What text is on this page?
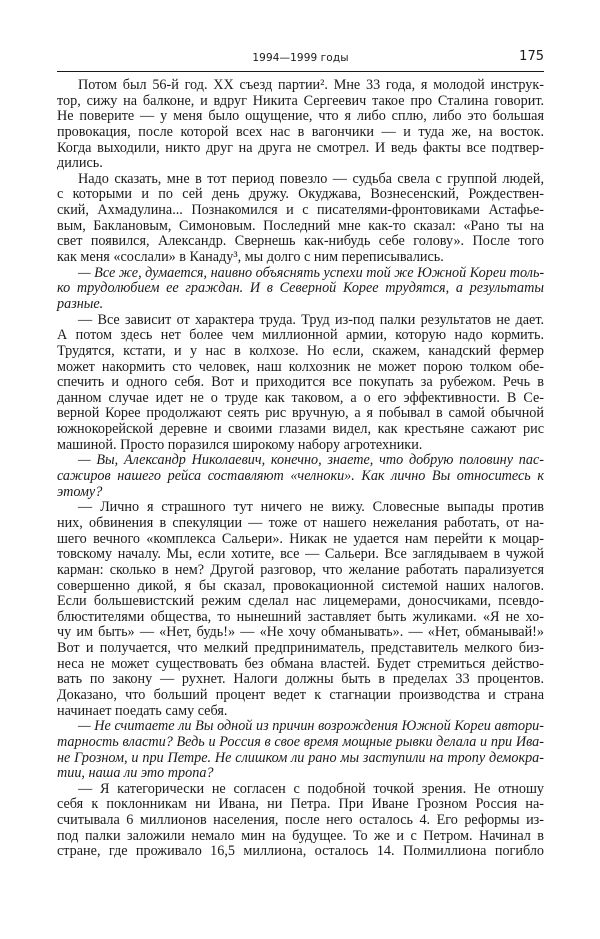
1994—1999 годы	175
Потом был 56-й год. XX съезд партии². Мне 33 года, я молодой инструк-
тор, сижу на балконе, и вдруг Никита Сергеевич такое про Сталина говорит.
Не поверите — у меня было ощущение, что я либо сплю, либо это большая
провокация, после которой всех нас в вагончики — и туда же, на восток.
Когда выходили, никто друг на друга не смотрел. И ведь факты все подтвер-
дились.
Надо сказать, мне в тот период повезло — судьба свела с группой людей,
с которыми и по сей день дружу. Окуджава, Вознесенский, Рождествен-
ский, Ахмадулина... Познакомился и с писателями-фронтовиками Астафье-
вым, Баклановым, Симоновым. Последний мне как-то сказал: «Рано ты на
свет появился, Александр. Свернешь как-нибудь себе голову». После того
как меня «сослали» в Канаду³, мы долго с ним переписывались.
— Все же, думается, наивно объяснять успехи той же Южной Кореи толь-
ко трудолюбием ее граждан. И в Северной Корее трудятся, а результаты
разные.
— Все зависит от характера труда. Труд из-под палки результатов не дает.
А потом здесь нет более чем миллионной армии, которую надо кормить.
Трудятся, кстати, и у нас в колхозе. Но если, скажем, канадский фермер
может накормить сто человек, наш колхозник не может порою толком обе-
спечить и одного себя. Вот и приходится все покупать за рубежом. Речь в
данном случае идет не о труде как таковом, а о его эффективности. В Се-
верной Корее продолжают сеять рис вручную, а я побывал в самой обычной
южнокорейской деревне и своими глазами видел, как крестьяне сажают рис
машиной. Просто поразился широкому набору агротехники.
— Вы, Александр Николаевич, конечно, знаете, что добрую половину пас-
сажиров нашего рейса составляют «челноки». Как лично Вы относитесь к
этому?
— Лично я страшного тут ничего не вижу. Словесные выпады против
них, обвинения в спекуляции — тоже от нашего нежелания работать, от на-
шего вечного «комплекса Сальери». Никак не удается нам перейти к моцар-
товскому началу. Мы, если хотите, все — Сальери. Все заглядываем в чужой
карман: сколько в нем? Другой разговор, что желание работать парализуется
совершенно дикой, я бы сказал, провокационной системой наших налогов.
Если большевистский режим сделал нас лицемерами, доносчиками, псевдо-
блюстителями общества, то нынешний заставляет быть жуликами. «Я не хо-
чу им быть» — «Нет, будь!» — «Не хочу обманывать». — «Нет, обманывай!»
Вот и получается, что мелкий предприниматель, представитель мелкого биз-
неса не может существовать без обмана властей. Будет стремиться действо-
вать по закону — рухнет. Налоги должны быть в пределах 33 процентов.
Доказано, что больший процент ведет к стагнации производства и страна
начинает поедать саму себя.
— Не считаете ли Вы одной из причин возрождения Южной Кореи автори-
тарность власти? Ведь и Россия в свое время мощные рывки делала и при Ива-
не Грозном, и при Петре. Не слишком ли рано мы заступили на тропу демокра-
тии, наша ли это тропа?
— Я категорически не согласен с подобной точкой зрения. Не отношу
себя к поклонникам ни Ивана, ни Петра. При Иване Грозном Россия на-
считывала 6 миллионов населения, после него осталось 4. Его реформы из-
под палки заложили немало мин на будущее. То же и с Петром. Начинал в
стране, где проживало 16,5 миллиона, осталось 14. Полмиллиона погибло
